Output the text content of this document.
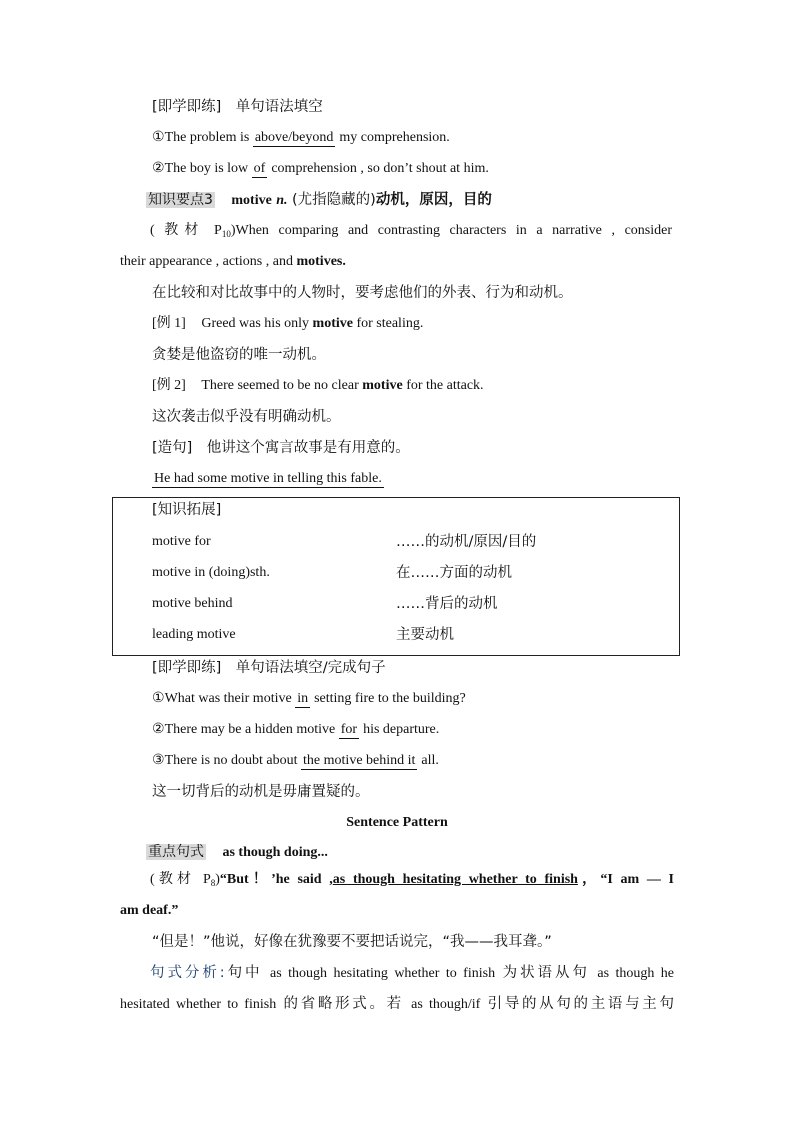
[即学即练] 单句语法填空
①The problem is above/beyondmy comprehension.
②The boy is low ofcomprehension , so don’t shout at him.
知识要点3 motive n. (尤指隐藏的)动机，原因，目的
( 教材 $P_{10})When$ comparing and contrasting characters in a narrative , consider
their appearance , actions , and motives.
在比较和对比故事中的人物时，要考虑他们的外表、行为和动机。
[例 1] Greed was his only motive for stealing.
贪婪是他盗窃的唯一动机。
[例 2] There seemed to be no clear motive for the attack.
这次袭击似乎没有明确动机。
[造句] 他讲这个寓言故事是有用意的。
He had some motive in telling this fable.
[知识拓展]
motive for	……的动机/原因/目的
motive in (doing)sth.	在……方面的动机
motive behind	……背后的动机
leading motive	主要动机
[即学即练] 单句语法填空/完成句子
①What was their motive insetting fire to the building?
②There may be a hidden motive forhis departure.
③There is no doubt about the motive behind itall.
这一切背后的动机是毋庸置疑的。
Sentence Pattern
重点句式 as though doing...
(教材 $P_8)“But$！’he said ,as though hesitating whether to finish，“I am — I
am deaf.”
“但是！”他说，好像在犹豫要不要把话说完，“我——我耳聋。”
句式分析:句中 as though hesitating whether to finish 为状语从句 as though he
hesitated whether to finish 的省略形式。若 as though/if 引导的从句的主语与主句
